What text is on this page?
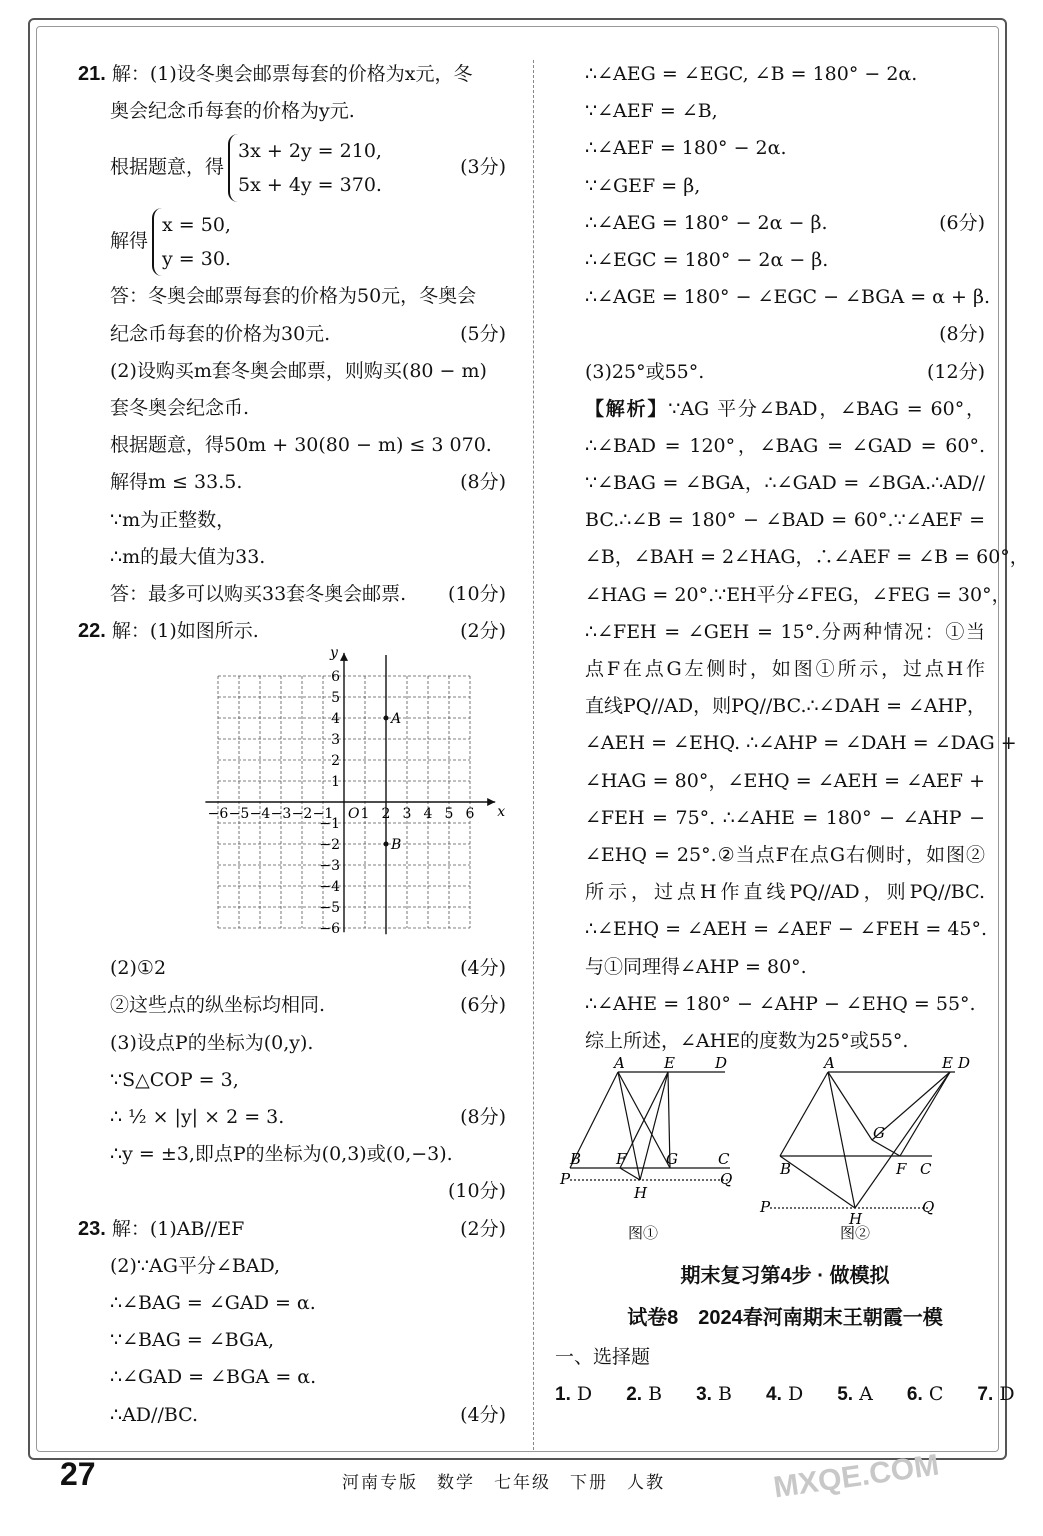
21. 解：(1)设冬奥会邮票每套的价格为x元，冬
奥会纪念币每套的价格为y元.
根据题意，得
3x + 2y = 210,
5x + 4y = 370.
(3分)
解得
x = 50,
y = 30.
答：冬奥会邮票每套的价格为50元，冬奥会
纪念币每套的价格为30元.	(5分)
(2)设购买m套冬奥会邮票，则购买(80 − m)
套冬奥会纪念币.
根据题意，得50m + 30(80 − m) ≤ 3 070.
解得m ≤ 33.5.	(8分)
∵m为正整数，
∴m的最大值为33.
答：最多可以购买33套冬奥会邮票. (10分)
22. 解：(1)如图所示.	(2分)
6
5
4
3
2
1
−1
−2
−3
−4
−5
−6
−6 −5 −4 −3 −2 −1 1 2 3 4 5 6
O	x
y
A
B
(2)①2	(4分)
②这些点的纵坐标均相同.	(6分)
(3)设点P的坐标为(0,y).
∵S△COP = 3,
∴ ½ × |y| × 2 = 3.	(8分)
∴y = ±3,即点P的坐标为(0,3)或(0,−3).
(10分)
23. 解：(1)AB//EF	(2分)
(2)∵AG平分∠BAD,
∴∠BAG = ∠GAD = α.
∵∠BAG = ∠BGA,
∴∠GAD = ∠BGA = α.
∴AD//BC.	(4分)
∴∠AEG = ∠EGC, ∠B = 180° − 2α.
∵∠AEF = ∠B,
∴∠AEF = 180° − 2α.
∵∠GEF = β,
∴∠AEG = 180° − 2α − β.	(6分)
∴∠EGC = 180° − 2α − β.
∴∠AGE = 180° − ∠EGC − ∠BGA = α + β.
(8分)
(3)25°或55°.	(12分)
【解析】∵AG 平分∠BAD，∠BAG = 60°，
∴∠BAD = 120°，∠BAG = ∠GAD = 60°.
∵∠BAG = ∠BGA，∴∠GAD = ∠BGA.∴AD//
BC.∴∠B = 180° − ∠BAD = 60°.∵∠AEF =
∠B，∠BAH = 2∠HAG，∴∠AEF = ∠B = 60°，
∠HAG = 20°.∵EH平分∠FEG，∠FEG = 30°，
∴∠FEH = ∠GEH = 15°.分两种情况：①当
点F在点G左侧时，如图①所示，过点H作
直线PQ//AD，则PQ//BC.∴∠DAH = ∠AHP，
∠AEH = ∠EHQ. ∴∠AHP = ∠DAH = ∠DAG +
∠HAG = 80°，∠EHQ = ∠AEH = ∠AEF +
∠FEH = 75°. ∴∠AHE = 180° − ∠AHP −
∠EHQ = 25°.②当点F在点G右侧时，如图②
所示，过点H作直线PQ//AD，则PQ//BC.
∴∠EHQ = ∠AEH = ∠AEF − ∠FEH = 45°.
与①同理得∠AHP = 80°.
∴∠AHE = 180° − ∠AHP − ∠EHQ = 55°.
综上所述，∠AHE的度数为25°或55°.
A	E	D
B F	G	C
P
H
Q
图①
A	E D
G
B	F C
P
H
Q
图②
期末复习第4步 · 做模拟
试卷8　2024春河南期末王朝霞一模
一、选择题
1. D 2. B 3. B 4. D 5. A 6. C 7. D
27	河南专版　数学　七年级　下册　人教	MXQE.COM
